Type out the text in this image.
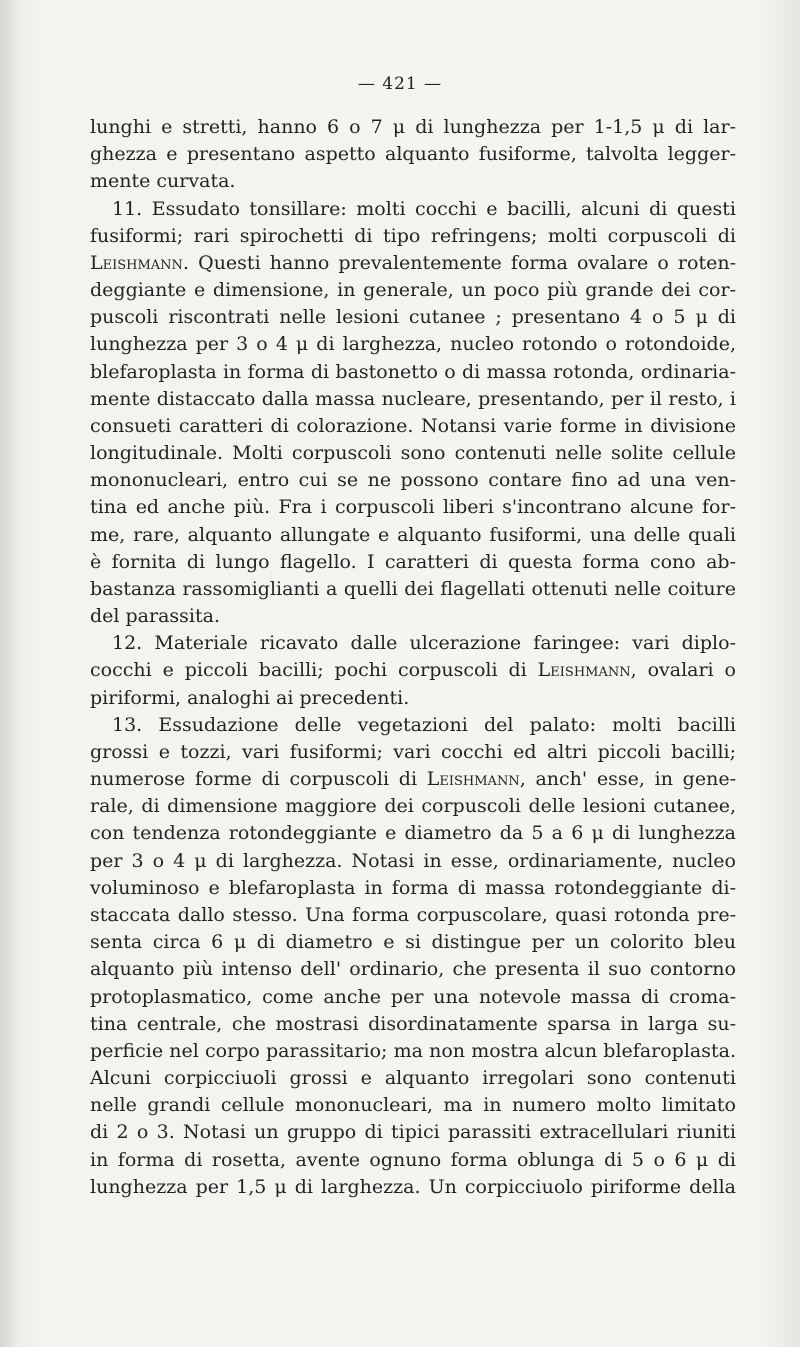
— 421 —
lunghi e stretti, hanno 6 o 7 μ di lunghezza per 1-1,5 μ di lar-
ghezza e presentano aspetto alquanto fusiforme, talvolta legger-
mente curvata.
11. Essudato tonsillare: molti cocchi e bacilli, alcuni di questi
fusiformi; rari spirochetti di tipo refringens; molti corpuscoli di
Leishmann. Questi hanno prevalentemente forma ovalare o roten-
deggiante e dimensione, in generale, un poco più grande dei cor-
puscoli riscontrati nelle lesioni cutanee ; presentano 4 o 5 μ di
lunghezza per 3 o 4 μ di larghezza, nucleo rotondo o rotondoide,
blefaroplasta in forma di bastonetto o di massa rotonda, ordinaria-
mente distaccato dalla massa nucleare, presentando, per il resto, i
consueti caratteri di colorazione. Notansi varie forme in divisione
longitudinale. Molti corpuscoli sono contenuti nelle solite cellule
mononucleari, entro cui se ne possono contare fino ad una ven-
tina ed anche più. Fra i corpuscoli liberi s'incontrano alcune for-
me, rare, alquanto allungate e alquanto fusiformi, una delle quali
è fornita di lungo flagello. I caratteri di questa forma cono ab-
bastanza rassomiglianti a quelli dei flagellati ottenuti nelle coiture
del parassita.
12. Materiale ricavato dalle ulcerazione faringee: vari diplo-
cocchi e piccoli bacilli; pochi corpuscoli di Leishmann, ovalari o
piriformi, analoghi ai precedenti.
13. Essudazione delle vegetazioni del palato: molti bacilli
grossi e tozzi, vari fusiformi; vari cocchi ed altri piccoli bacilli;
numerose forme di corpuscoli di Leishmann, anch' esse, in gene-
rale, di dimensione maggiore dei corpuscoli delle lesioni cutanee,
con tendenza rotondeggiante e diametro da 5 a 6 μ di lunghezza
per 3 o 4 μ di larghezza. Notasi in esse, ordinariamente, nucleo
voluminoso e blefaroplasta in forma di massa rotondeggiante di-
staccata dallo stesso. Una forma corpuscolare, quasi rotonda pre-
senta circa 6 μ di diametro e si distingue per un colorito bleu
alquanto più intenso dell' ordinario, che presenta il suo contorno
protoplasmatico, come anche per una notevole massa di croma-
tina centrale, che mostrasi disordinatamente sparsa in larga su-
perficie nel corpo parassitario; ma non mostra alcun blefaroplasta.
Alcuni corpicciuoli grossi e alquanto irregolari sono contenuti
nelle grandi cellule mononucleari, ma in numero molto limitato
di 2 o 3. Notasi un gruppo di tipici parassiti extracellulari riuniti
in forma di rosetta, avente ognuno forma oblunga di 5 o 6 μ di
lunghezza per 1,5 μ di larghezza. Un corpicciuolo piriforme della
